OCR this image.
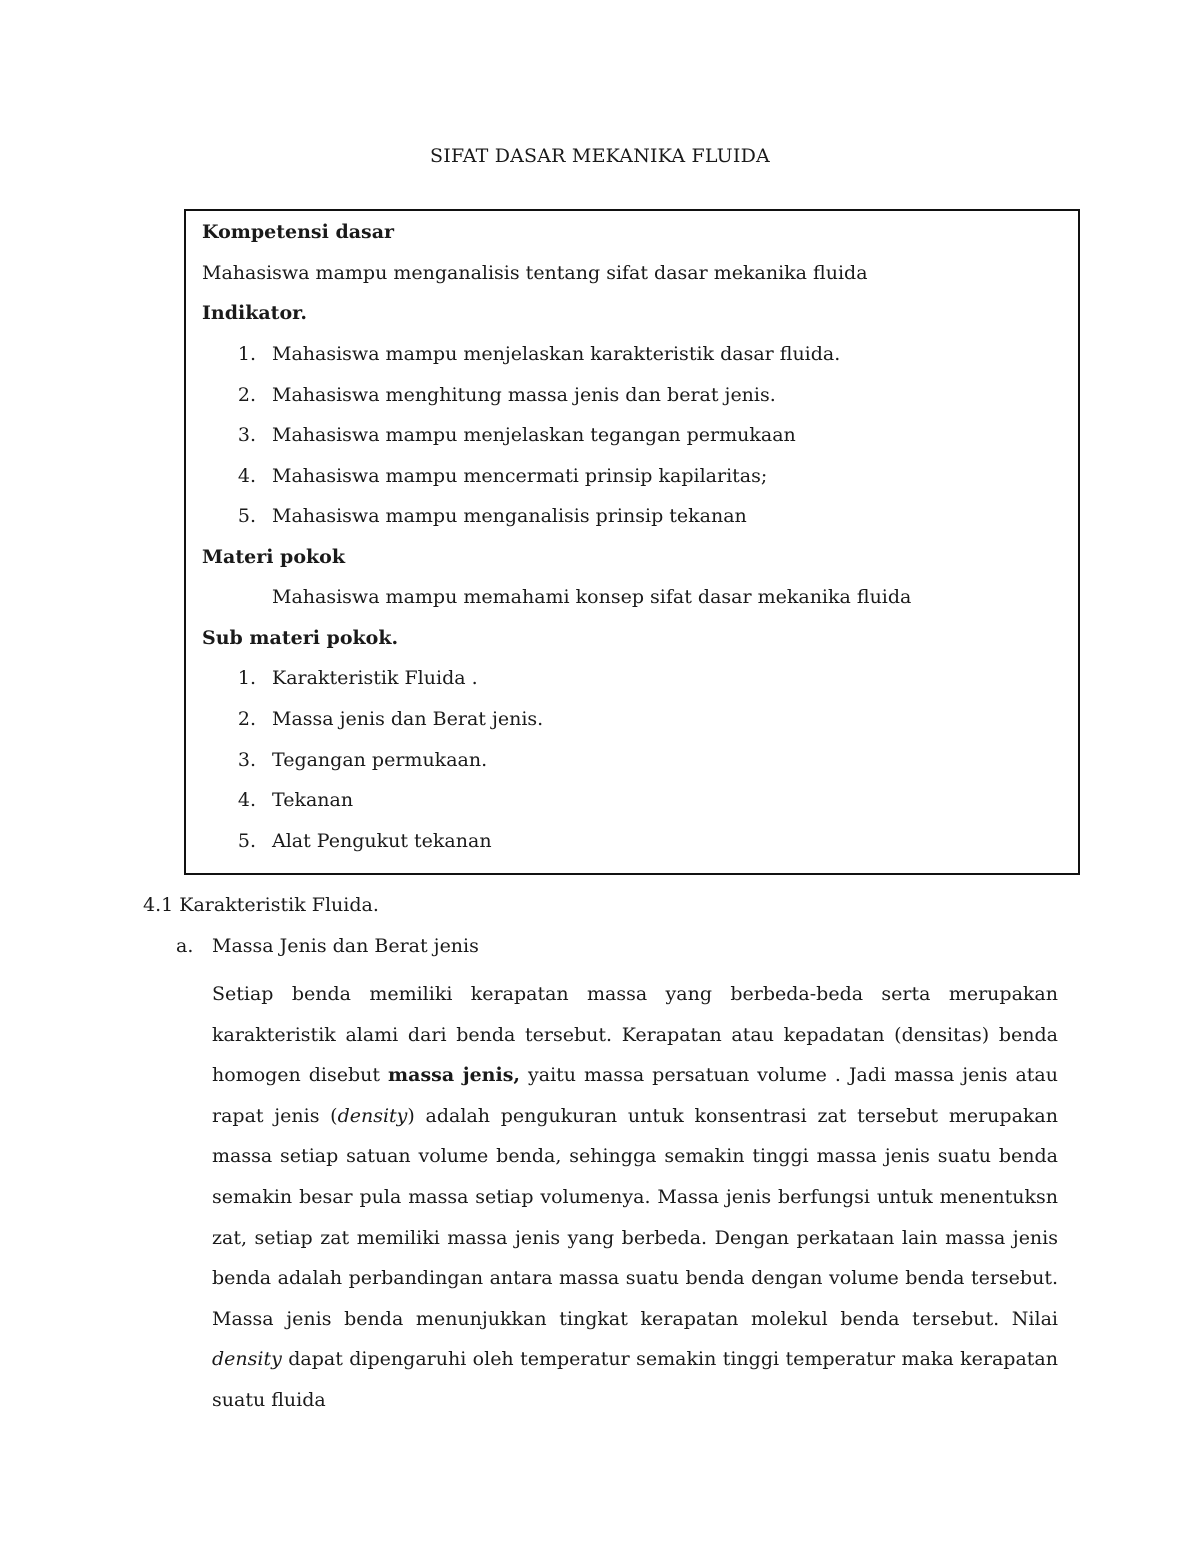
SIFAT DASAR MEKANIKA FLUIDA
Kompetensi dasar
Mahasiswa mampu menganalisis tentang sifat dasar mekanika fluida
Indikator.
1. Mahasiswa mampu menjelaskan karakteristik dasar fluida.
2. Mahasiswa menghitung massa jenis dan berat jenis.
3. Mahasiswa mampu menjelaskan tegangan permukaan
4. Mahasiswa mampu mencermati prinsip kapilaritas;
5. Mahasiswa mampu menganalisis prinsip tekanan
Materi pokok
Mahasiswa mampu memahami konsep sifat dasar mekanika fluida
Sub materi pokok.
1. Karakteristik Fluida .
2. Massa jenis dan Berat jenis.
3. Tegangan permukaan.
4. Tekanan
5. Alat Pengukut tekanan
4.1 Karakteristik Fluida.
a. Massa Jenis dan Berat jenis
Setiap benda memiliki kerapatan massa yang berbeda-beda serta merupakan karakteristik alami dari benda tersebut. Kerapatan atau kepadatan (densitas) benda homogen disebut massa jenis, yaitu massa persatuan volume . Jadi massa jenis atau rapat jenis (density) adalah pengukuran untuk konsentrasi zat tersebut merupakan massa setiap satuan volume benda, sehingga semakin tinggi massa jenis suatu benda semakin besar pula massa setiap volumenya. Massa jenis berfungsi untuk menentuksn zat, setiap zat memiliki massa jenis yang berbeda. Dengan perkataan lain massa jenis benda adalah perbandingan antara massa suatu benda dengan volume benda tersebut. Massa jenis benda menunjukkan tingkat kerapatan molekul benda tersebut. Nilai density dapat dipengaruhi oleh temperatur semakin tinggi temperatur maka kerapatan suatu fluida
